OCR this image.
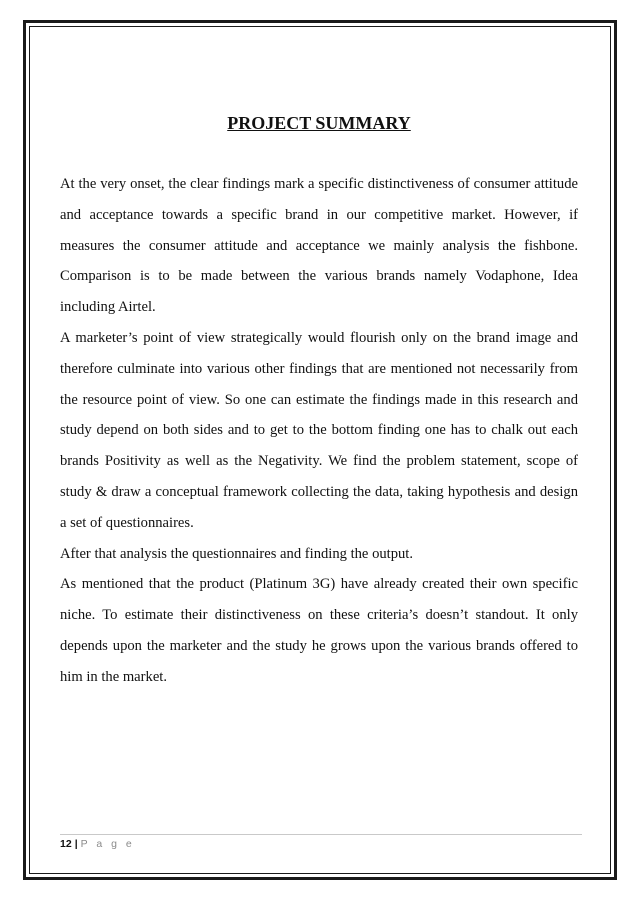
PROJECT SUMMARY

At the very onset, the clear findings mark a specific distinctiveness of consumer attitude and acceptance towards a specific brand in our competitive market. However, if measures the consumer attitude and acceptance we mainly analysis the fishbone. Comparison is to be made between the various brands namely Vodaphone, Idea including Airtel.

A marketer’s point of view strategically would flourish only on the brand image and therefore culminate into various other findings that are mentioned not necessarily from the resource point of view. So one can estimate the findings made in this research and study depend on both sides and to get to the bottom finding one has to chalk out each brands Positivity as well as the Negativity. We find the problem statement, scope of study & draw a conceptual framework collecting the data, taking hypothesis and design a set of questionnaires.

After that analysis the questionnaires and finding the output.

As mentioned that the product (Platinum 3G) have already created their own specific niche. To estimate their distinctiveness on these criteria’s doesn’t standout. It only depends upon the marketer and the study he grows upon the various brands offered to him in the market.

12 | P a g e
